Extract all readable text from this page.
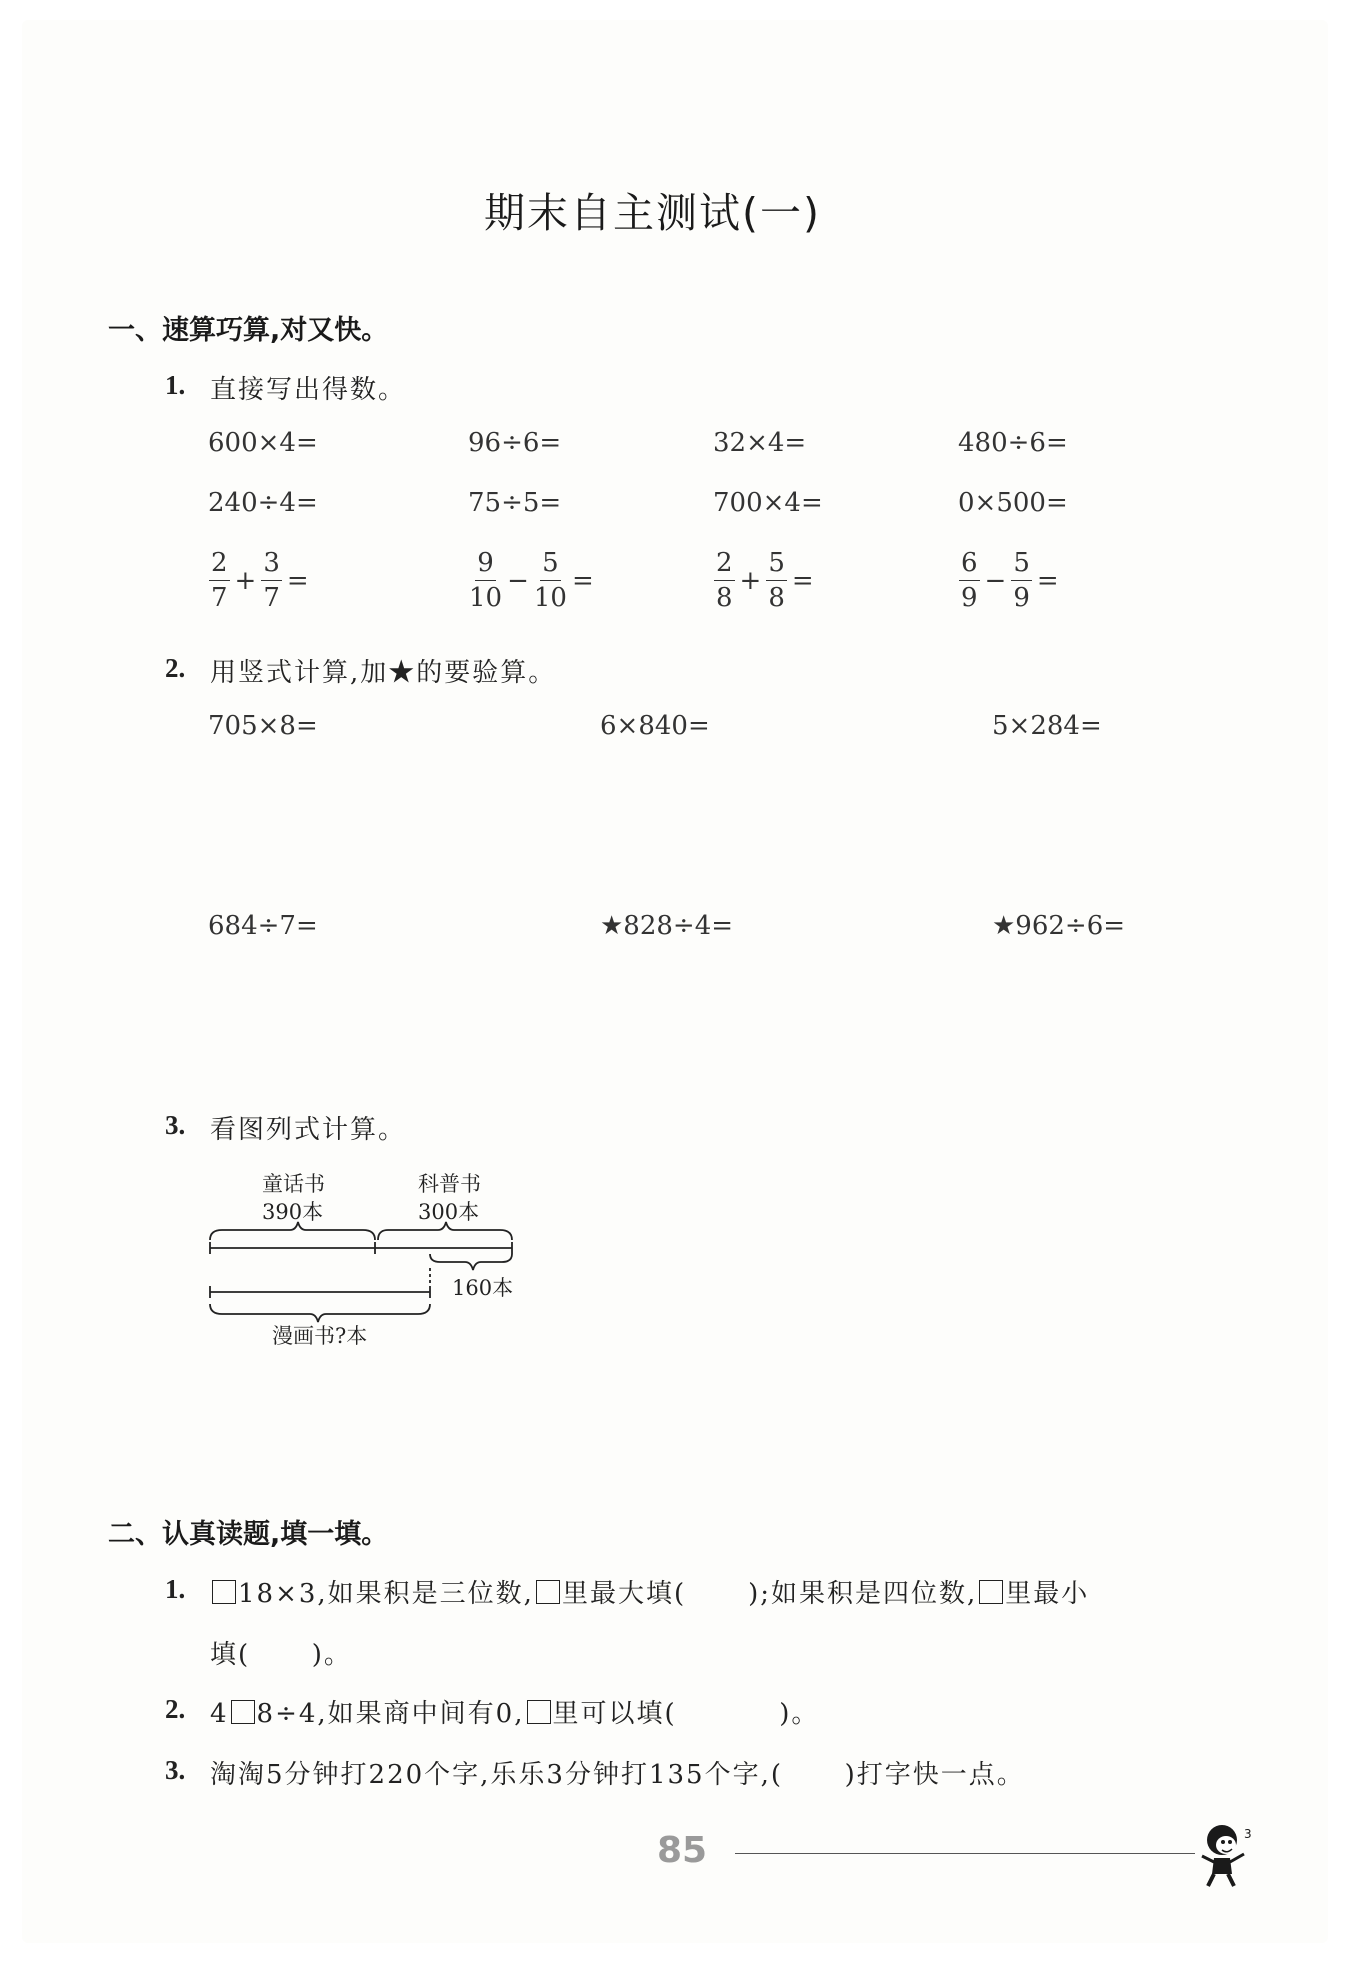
期末自主测试(一)
一、速算巧算,对又快。
1. 直接写出得数。
600×4=	96÷6=	32×4=	480÷6=
240÷4=	75÷5=	700×4=	0×500=
$\frac{2}{7} + \frac{3}{7}$ =	$\frac{9}{10} - \frac{5}{10}$ =	$\frac{2}{8} + \frac{5}{8}$ =	$\frac{6}{9} - \frac{5}{9}$ =
2. 用竖式计算,加★的要验算。
705×8=	6×840=	5×284=
684÷7=	★828÷4=	★962÷6=
3. 看图列式计算。
童话书
390本
科普书
300本
160本
漫画书?本
二、认真读题,填一填。
1.	18×3,如果积是三位数, 里最大填( );如果积是四位数, 里最小
填(      )。
2. 4 8÷4,如果商中间有0, 里可以填(          )。
3. 淘淘5分钟打220个字,乐乐3分钟打135个字,(      )打字快一点。
85	3
